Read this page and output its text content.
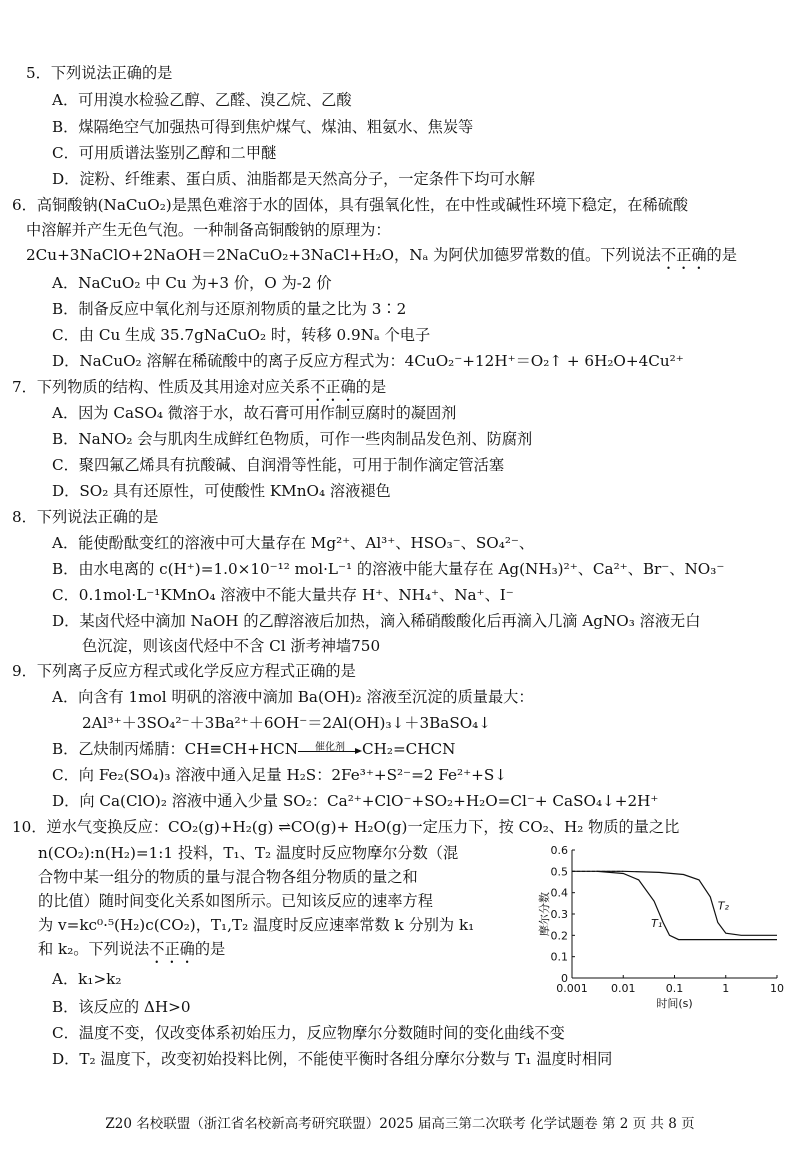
5．下列说法正确的是
A．可用溴水检验乙醇、乙醛、溴乙烷、乙酸
B．煤隔绝空气加强热可得到焦炉煤气、煤油、粗氨水、焦炭等
C．可用质谱法鉴别乙醇和二甲醚
D．淀粉、纤维素、蛋白质、油脂都是天然高分子，一定条件下均可水解
6．高铜酸钠(NaCuO₂)是黑色难溶于水的固体，具有强氧化性，在中性或碱性环境下稳定，在稀硫酸
中溶解并产生无色气泡。一种制备高铜酸钠的原理为：
2Cu+3NaClO+2NaOH＝2NaCuO₂+3NaCl+H₂O，Nₐ 为阿伏加德罗常数的值。下列说法不正确的是
A．NaCuO₂ 中 Cu 为+3 价，O 为-2 价
B．制备反应中氧化剂与还原剂物质的量之比为 3∶2
C．由 Cu 生成 35.7gNaCuO₂ 时，转移 0.9Nₐ 个电子
D．NaCuO₂ 溶解在稀硫酸中的离子反应方程式为：4CuO₂⁻+12H⁺＝O₂↑ + 6H₂O+4Cu²⁺
7．下列物质的结构、性质及其用途对应关系不正确的是
A．因为 CaSO₄ 微溶于水，故石膏可用作制豆腐时的凝固剂
B．NaNO₂ 会与肌肉生成鲜红色物质，可作一些肉制品发色剂、防腐剂
C．聚四氟乙烯具有抗酸碱、自润滑等性能，可用于制作滴定管活塞
D．SO₂ 具有还原性，可使酸性 KMnO₄ 溶液褪色
8．下列说法正确的是
A．能使酚酞变红的溶液中可大量存在 Mg²⁺、Al³⁺、HSO₃⁻、SO₄²⁻、
B．由水电离的 c(H⁺)=1.0×10⁻¹² mol·L⁻¹ 的溶液中能大量存在 Ag(NH₃)²⁺、Ca²⁺、Br⁻、NO₃⁻
C．0.1mol·L⁻¹KMnO₄ 溶液中不能大量共存 H⁺、NH₄⁺、Na⁺、I⁻
D．某卤代烃中滴加 NaOH 的乙醇溶液后加热，滴入稀硝酸酸化后再滴入几滴 AgNO₃ 溶液无白
色沉淀，则该卤代烃中不含 Cl 浙考神墙750
9．下列离子反应方程式或化学反应方程式正确的是
A．向含有 1mol 明矾的溶液中滴加 Ba(OH)₂ 溶液至沉淀的质量最大：
2Al³⁺＋3SO₄²⁻＋3Ba²⁺＋6OH⁻＝2Al(OH)₃↓＋3BaSO₄↓
B．乙炔制丙烯腈：CH≡CH+HCN	催化剂	CH₂=CHCN
C．向 Fe₂(SO₄)₃ 溶液中通入足量 H₂S：2Fe³⁺+S²⁻=2 Fe²⁺+S↓
D．向 Ca(ClO)₂ 溶液中通入少量 SO₂：Ca²⁺+ClO⁻+SO₂+H₂O=Cl⁻+ CaSO₄↓+2H⁺
10．逆水气变换反应：CO₂(g)+H₂(g) ⇌CO(g)+ H₂O(g)一定压力下，按 CO₂、H₂ 物质的量之比
n(CO₂):n(H₂)=1:1 投料，T₁、T₂ 温度时反应物摩尔分数（混
合物中某一组分的物质的量与混合物各组分物质的量之和
的比值）随时间变化关系如图所示。已知该反应的速率方程
为 v=kc⁰·⁵(H₂)c(CO₂)，T₁,T₂ 温度时反应速率常数 k 分别为 k₁
和 k₂。下列说法不正确的是
A．k₁>k₂
B．该反应的 ΔH>0
C．温度不变，仅改变体系初始压力，反应物摩尔分数随时间的变化曲线不变
D．T₂ 温度下，改变初始投料比例，不能使平衡时各组分摩尔分数与 T₁ 温度时相同
0
0.1
0.2
0.3
0.4
0.5
0.6
0.001 0.01	0.1	1	10
时间(s)
摩尔分数	T₁
T₂
Z20 名校联盟（浙江省名校新高考研究联盟）2025 届高三第二次联考 化学试题卷 第 2 页 共 8 页
